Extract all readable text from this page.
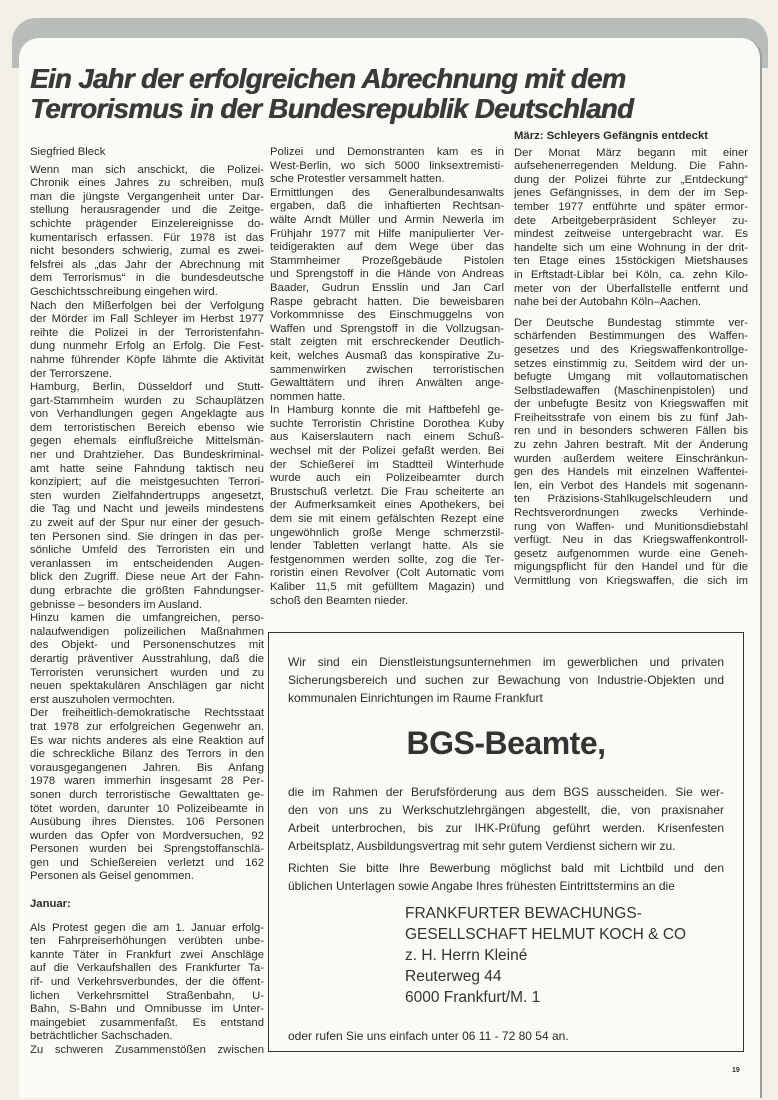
Ein Jahr der erfolgreichen Abrechnung mit dem
Terrorismus in der Bundesrepublik Deutschland
Siegfried Bleck
Wenn man sich anschickt, die Polizei-
Chronik eines Jahres zu schreiben, muß
man die jüngste Vergangenheit unter Dar-
stellung herausragender und die Zeitge-
schichte prägender Einzelereignisse do-
kumentarisch erfassen. Für 1978 ist das
nicht besonders schwierig, zumal es zwei-
felsfrei als „das Jahr der Abrechnung mit
dem Terrorismus“ in die bundesdeutsche
Geschichtsschreibung eingehen wird.
Nach den Mißerfolgen bei der Verfolgung
der Mörder im Fall Schleyer im Herbst 1977
reihte die Polizei in der Terroristenfahn-
dung nunmehr Erfolg an Erfolg. Die Fest-
nahme führender Köpfe lähmte die Aktivität
der Terrorszene.
Hamburg, Berlin, Düsseldorf und Stutt-
gart-Stammheim wurden zu Schauplätzen
von Verhandlungen gegen Angeklagte aus
dem terroristischen Bereich ebenso wie
gegen ehemals einflußreiche Mittelsmän-
ner und Drahtzieher. Das Bundeskriminal-
amt hatte seine Fahndung taktisch neu
konzipiert; auf die meistgesuchten Terrori-
sten wurden Zielfahndertrupps angesetzt,
die Tag und Nacht und jeweils mindestens
zu zweit auf der Spur nur einer der gesuch-
ten Personen sind. Sie dringen in das per-
sönliche Umfeld des Terroristen ein und
veranlassen im entscheidenden Augen-
blick den Zugriff. Diese neue Art der Fahn-
dung erbrachte die größten Fahndungser-
gebnisse – besonders im Ausland.
Hinzu kamen die umfangreichen, perso-
nalaufwendigen polizeilichen Maßnahmen
des Objekt- und Personenschutzes mit
derartig präventiver Ausstrahlung, daß die
Terroristen verunsichert wurden und zu
neuen spektakulären Anschlägen gar nicht
erst auszuholen vermochten.
Der freiheitlich-demokratische Rechtsstaat
trat 1978 zur erfolgreichen Gegenwehr an.
Es war nichts anderes als eine Reaktion auf
die schreckliche Bilanz des Terrors in den
vorausgegangenen Jahren. Bis Anfang
1978 waren immerhin insgesamt 28 Per-
sonen durch terroristische Gewalttaten ge-
tötet worden, darunter 10 Polizeibeamte in
Ausübung ihres Dienstes. 106 Personen
wurden das Opfer von Mordversuchen, 92
Personen wurden bei Sprengstoffanschlä-
gen und Schießereien verletzt und 162
Personen als Geisel genommen.
Januar:
Als Protest gegen die am 1. Januar erfolg-
ten Fahrpreiserhöhungen verübten unbe-
kannte Täter in Frankfurt zwei Anschläge
auf die Verkaufshallen des Frankfurter Ta-
rif- und Verkehrsverbundes, der die öffent-
lichen Verkehrsmittel Straßenbahn, U-
Bahn, S-Bahn und Omnibusse im Unter-
maingebiet zusammenfaßt. Es entstand
beträchtlicher Sachschaden.
Zu schweren Zusammenstößen zwischen
Polizei und Demonstranten kam es in
West-Berlin, wo sich 5000 linksextremisti-
sche Protestler versammelt hatten.
Ermittlungen des Generalbundesanwalts
ergaben, daß die inhaftierten Rechtsan-
wälte Arndt Müller und Armin Newerla im
Frühjahr 1977 mit Hilfe manipulierter Ver-
teidigerakten auf dem Wege über das
Stammheimer Prozeßgebäude Pistolen
und Sprengstoff in die Hände von Andreas
Baader, Gudrun Ensslin und Jan Carl
Raspe gebracht hatten. Die beweisbaren
Vorkommnisse des Einschmuggelns von
Waffen und Sprengstoff in die Vollzugsan-
stalt zeigten mit erschreckender Deutlich-
keit, welches Ausmaß das konspirative Zu-
sammenwirken zwischen terroristischen
Gewalttätern und ihren Anwälten ange-
nommen hatte.
In Hamburg konnte die mit Haftbefehl ge-
suchte Terroristin Christine Dorothea Kuby
aus Kaiserslautern nach einem Schuß-
wechsel mit der Polizei gefaßt werden. Bei
der Schießerei im Stadtteil Winterhude
wurde auch ein Polizeibeamter durch
Brustschuß verletzt. Die Frau scheiterte an
der Aufmerksamkeit eines Apothekers, bei
dem sie mit einem gefälschten Rezept eine
ungewöhnlich große Menge schmerzstil-
lender Tabletten verlangt hatte. Als sie
festgenommen werden sollte, zog die Ter-
roristin einen Revolver (Colt Automatic vom
Kaliber 11,5 mit gefülltem Magazin) und
schoß den Beamten nieder.
März: Schleyers Gefängnis entdeckt
Der Monat März begann mit einer
aufsehenerregenden Meldung. Die Fahn-
dung der Polizei führte zur „Entdeckung“
jenes Gefängnisses, in dem der im Sep-
tember 1977 entführte und später ermor-
dete Arbeitgeberpräsident Schleyer zu-
mindest zeitweise untergebracht war. Es
handelte sich um eine Wohnung in der drit-
ten Etage eines 15stöckigen Mietshauses
in Erftstadt-Liblar bei Köln, ca. zehn Kilo-
meter von der Überfallstelle entfernt und
nahe bei der Autobahn Köln–Aachen.
Der Deutsche Bundestag stimmte ver-
schärfenden Bestimmungen des Waffen-
gesetzes und des Kriegswaffenkontrollge-
setzes einstimmig zu. Seitdem wird der un-
befugte Umgang mit vollautomatischen
Selbstladewaffen (Maschinenpistolen) und
der unbefugte Besitz von Kriegswaffen mit
Freiheitsstrafe von einem bis zu fünf Jah-
ren und in besonders schweren Fällen bis
zu zehn Jahren bestraft. Mit der Änderung
wurden außerdem weitere Einschränkun-
gen des Handels mit einzelnen Waffentei-
len, ein Verbot des Handels mit sogenann-
ten Präzisions-Stahlkugelschleudern und
Rechtsverordnungen zwecks Verhinde-
rung von Waffen- und Munitionsdiebstahl
verfügt. Neu in das Kriegswaffenkontroll-
gesetz aufgenommen wurde eine Geneh-
migungspflicht für den Handel und für die
Vermittlung von Kriegswaffen, die sich im
Wir sind ein Dienstleistungsunternehmen im gewerblichen und privaten
Sicherungsbereich und suchen zur Bewachung von Industrie-Objekten und
kommunalen Einrichtungen im Raume Frankfurt
BGS-Beamte,
die im Rahmen der Berufsförderung aus dem BGS ausscheiden. Sie wer-
den von uns zu Werkschutzlehrgängen abgestellt, die, von praxisnaher
Arbeit unterbrochen, bis zur IHK-Prüfung geführt werden. Krisenfesten
Arbeitsplatz, Ausbildungsvertrag mit sehr gutem Verdienst sichern wir zu.
Richten Sie bitte Ihre Bewerbung möglichst bald mit Lichtbild und den
üblichen Unterlagen sowie Angabe Ihres frühesten Eintrittstermins an die
FRANKFURTER BEWACHUNGS-
GESELLSCHAFT HELMUT KOCH & CO
z. H. Herrn Kleiné
Reuterweg 44
6000 Frankfurt/M. 1
oder rufen Sie uns einfach unter 06 11 - 72 80 54 an.
19
